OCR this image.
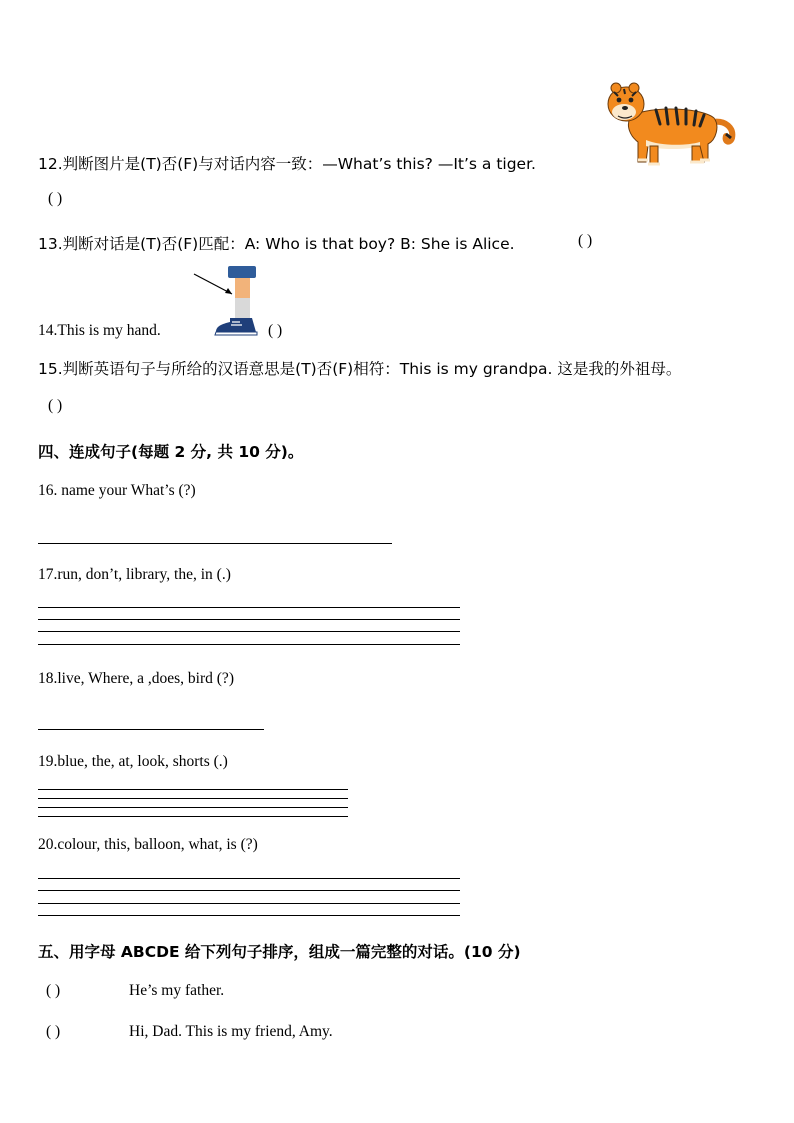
12.判断图片是(T)否(F)与对话内容一致：—What’s this? —It’s a tiger.
( )
13.判断对话是(T)否(F)匹配：A: Who is that boy? B: She is Alice.	( )
14.This is my hand.	( )
15.判断英语句子与所给的汉语意思是(T)否(F)相符：This is my grandpa. 这是我的外祖母。
( )
四、连成句子(每题 2 分, 共 10 分)。
16. name your What’s (?)
17.run, don’t, library, the, in (.)
18.live, Where, a ,does, bird (?)
19.blue, the, at, look, shorts (.)
20.colour, this, balloon, what, is (?)
五、用字母 ABCDE 给下列句子排序，组成一篇完整的对话。(10 分)
( )	He’s my father.
( )	Hi, Dad. This is my friend, Amy.
